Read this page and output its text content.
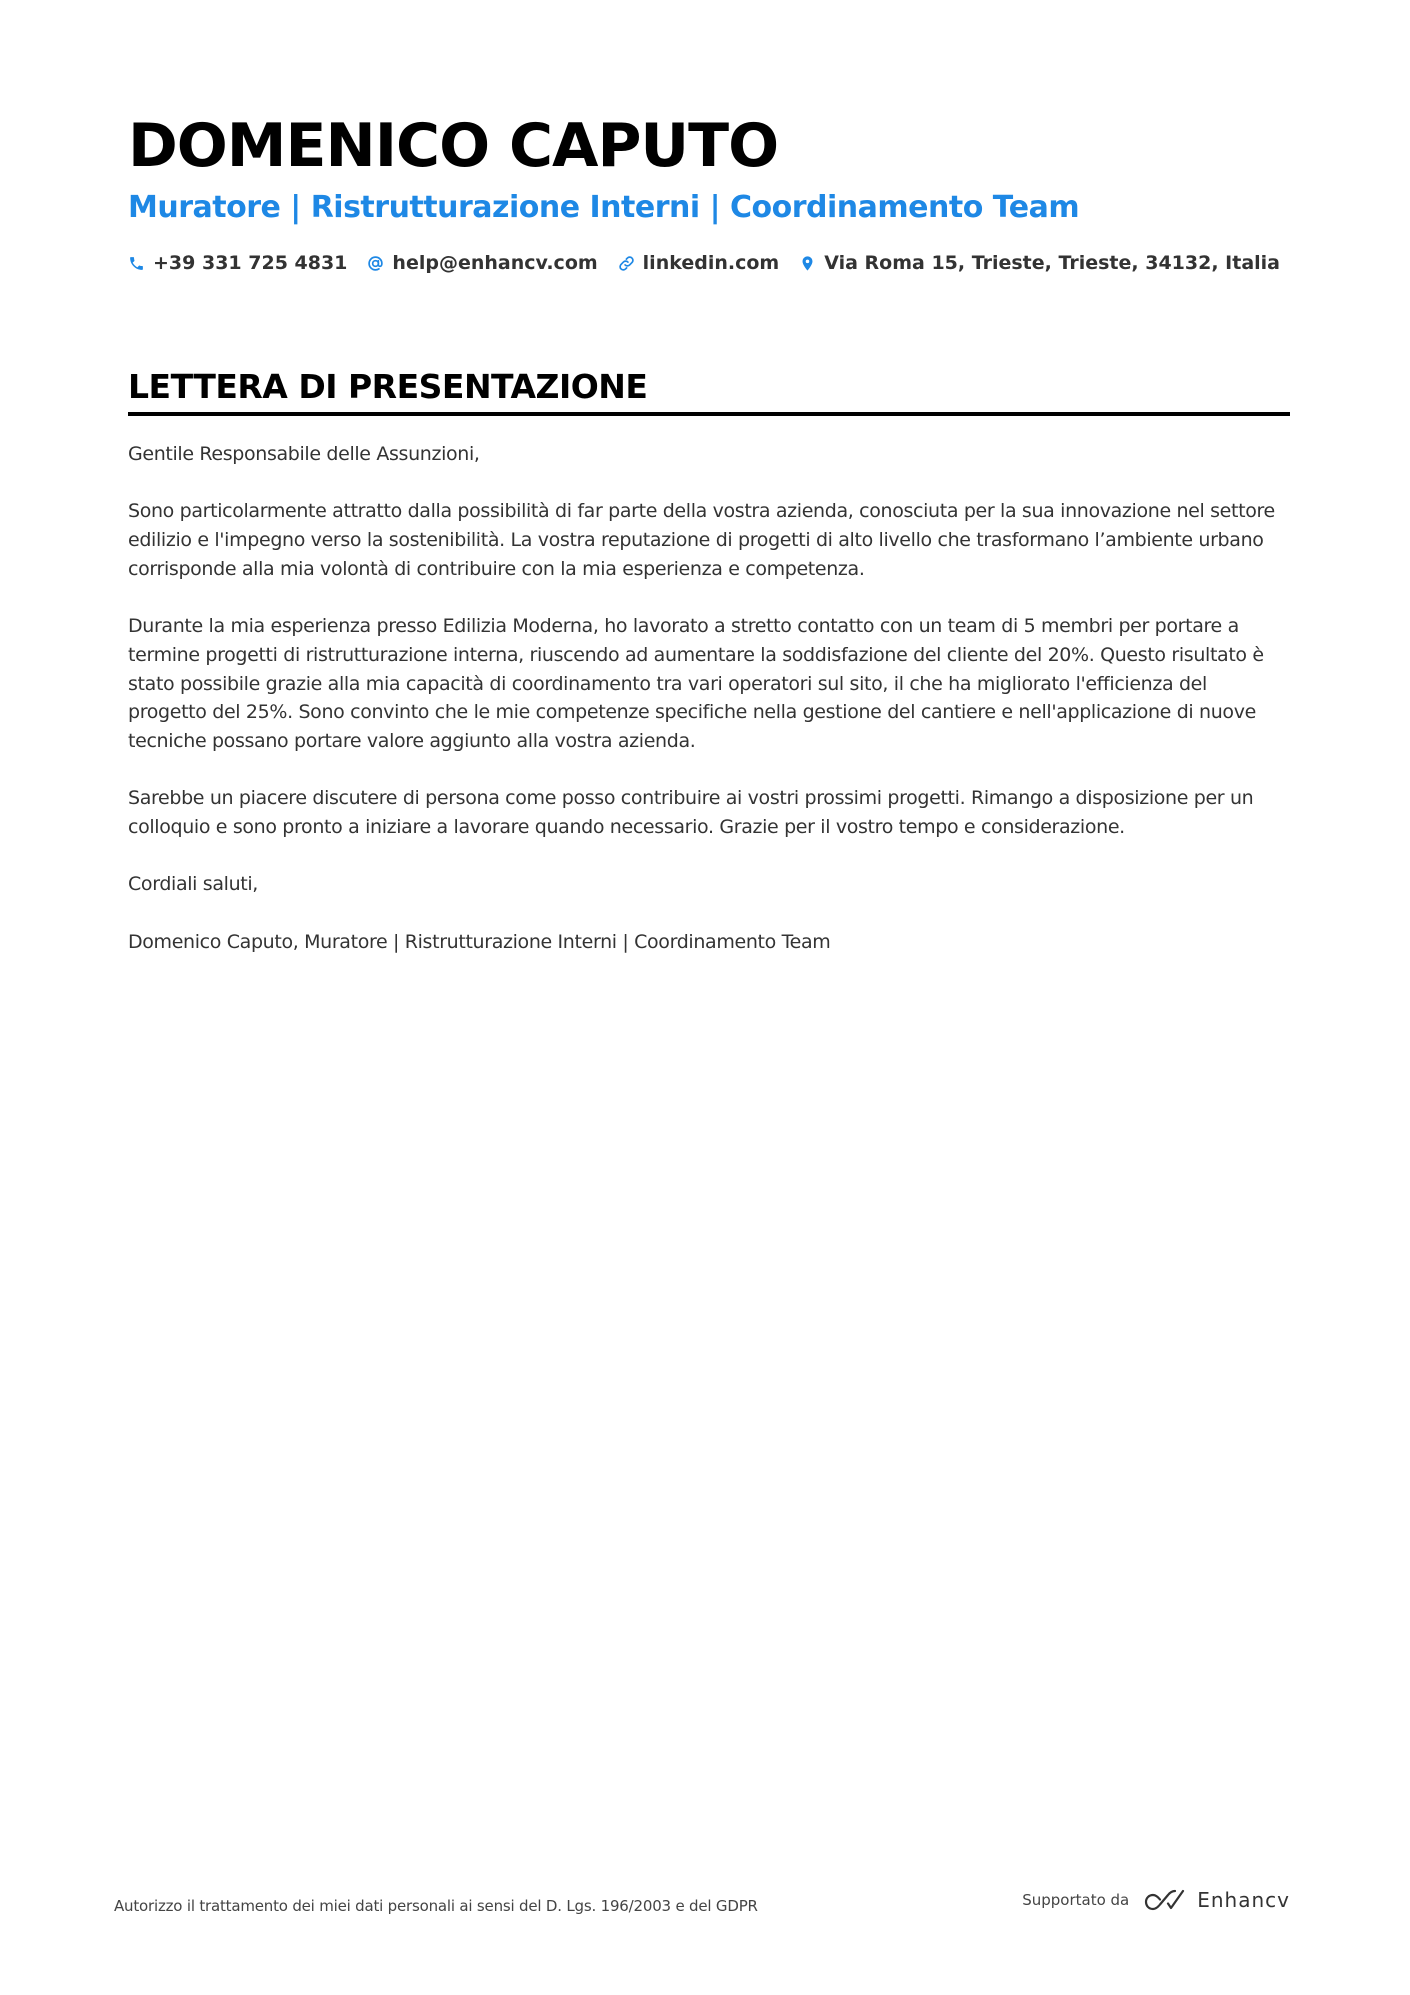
DOMENICO CAPUTO
Muratore | Ristrutturazione Interni | Coordinamento Team
+39 331 725 4831 help@enhancv.com linkedin.com Via Roma 15, Trieste, Trieste, 34132, Italia
LETTERA DI PRESENTAZIONE

Gentile Responsabile delle Assunzioni,

Sono particolarmente attratto dalla possibilità di far parte della vostra azienda, conosciuta per la sua innovazione nel settore edilizio e l'impegno verso la sostenibilità. La vostra reputazione di progetti di alto livello che trasformano l’ambiente urbano corrisponde alla mia volontà di contribuire con la mia esperienza e competenza.

Durante la mia esperienza presso Edilizia Moderna, ho lavorato a stretto contatto con un team di 5 membri per portare a termine progetti di ristrutturazione interna, riuscendo ad aumentare la soddisfazione del cliente del 20%. Questo risultato è stato possibile grazie alla mia capacità di coordinamento tra vari operatori sul sito, il che ha migliorato l'efficienza del progetto del 25%. Sono convinto che le mie competenze specifiche nella gestione del cantiere e nell'applicazione di nuove tecniche possano portare valore aggiunto alla vostra azienda.

Sarebbe un piacere discutere di persona come posso contribuire ai vostri prossimi progetti. Rimango a disposizione per un colloquio e sono pronto a iniziare a lavorare quando necessario. Grazie per il vostro tempo e considerazione.

Cordiali saluti,

Domenico Caputo, Muratore | Ristrutturazione Interni | Coordinamento Team

Autorizzo il trattamento dei miei dati personali ai sensi del D. Lgs. 196/2003 e del GDPR	Supportato da	Enhancv
